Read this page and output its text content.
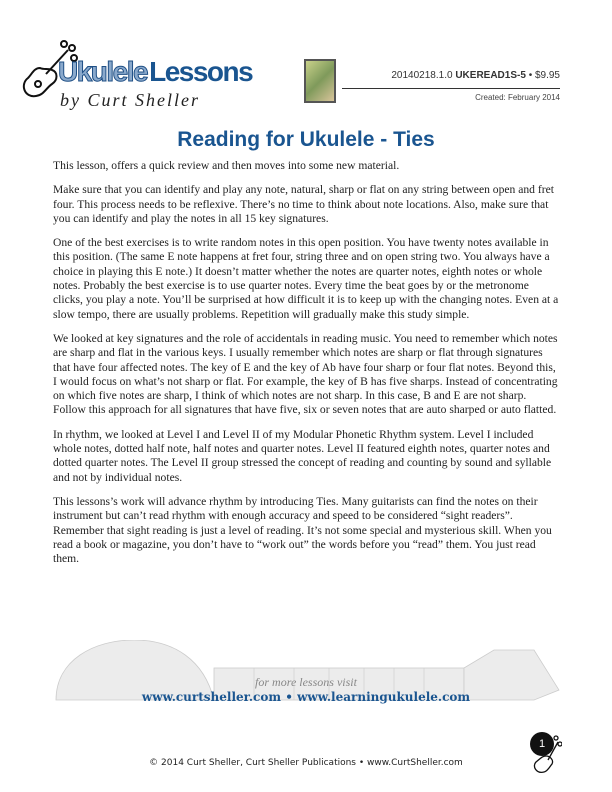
Ukulele Lessons
by Curt Sheller
20140218.1.0 UKEREAD1S-5 • $9.95
Created: February 2014
Reading for Ukulele - Ties

This lesson, offers a quick review and then moves into some new material.

Make sure that you can identify and play any note, natural, sharp or flat on any string between open and fret four. This process needs to be reflexive. There’s no time to think about note locations. Also, make sure that you can identify and play the notes in all 15 key signatures.

One of the best exercises is to write random notes in this open position. You have twenty notes available in this position. (The same E note happens at fret four, string three and on open string two. You always have a choice in playing this E note.) It doesn’t matter whether the notes are quarter notes, eighth notes or whole notes. Probably the best exercise is to use quarter notes. Every time the beat goes by or the metronome clicks, you play a note. You’ll be surprised at how difficult it is to keep up with the changing notes. Even at a slow tempo, there are usually problems. Repetition will gradually make this study simple.

We looked at key signatures and the role of accidentals in reading music. You need to remember which notes are sharp and flat in the various keys. I usually remember which notes are sharp or flat through signatures that have four affected notes. The key of E and the key of Ab have four sharp or four flat notes. Beyond this, I would focus on what’s not sharp or flat. For example, the key of B has five sharps. Instead of concentrating on which five notes are sharp, I think of which notes are not sharp. In this case, B and E are not sharp. Follow this approach for all signatures that have five, six or seven notes that are auto sharped or auto flatted.

In rhythm, we looked at Level I and Level II of my Modular Phonetic Rhythm system. Level I included whole notes, dotted half note, half notes and quarter notes. Level II featured eighth notes, quarter notes and dotted quarter notes. The Level II group stressed the concept of reading and counting by sound and syllable and not by individual notes.

This lessons’s work will advance rhythm by introducing Ties. Many guitarists can find the notes on their instrument but can’t read rhythm with enough accuracy and speed to be considered “sight readers”. Remember that sight reading is just a level of reading. It’s not some special and mysterious skill. When you read a book or magazine, you don’t have to “work out” the words before you “read” them. You just read them.

for more lessons visit
www.curtsheller.com • www.learningukulele.com
© 2014 Curt Sheller, Curt Sheller Publications • www.CurtSheller.com
1
